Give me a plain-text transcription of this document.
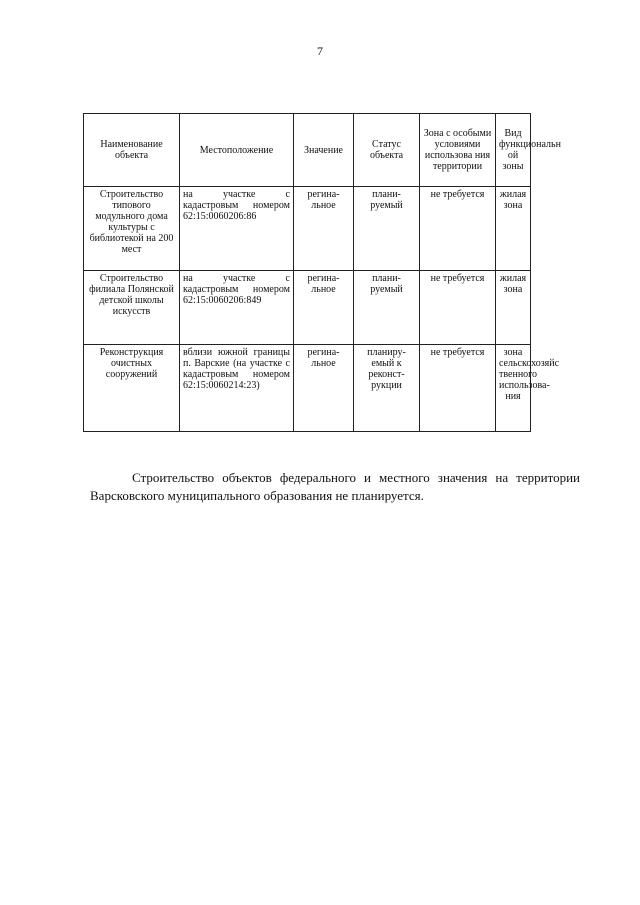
7
Наименование объекта	Местоположение	Значение	Статус объекта	Зона с особыми условиями использова ния территории	Вид функциональн ой зоны
Строительство типового модульного дома культуры с библиотекой на 200 мест	на участке с кадастровым номером 62:15:0060206:86	регина-льное	плани-руемый	не требуется	жилая зона
Строительство филиала Полянской детской школы искусств	на участке с кадастровым номером 62:15:0060206:849	регина-льное	плани-руемый	не требуется	жилая зона
Реконструкция очистных сооружений	вблизи южной границы п. Варские (на участке с кадастровым номером 62:15:0060214:23)	регина-льное	планиру-емый к реконст-рукции	не требуется	зона сельскохозяйс твенного использова-ния

Строительство объектов федерального и местного значения на территории Варсковского муниципального образования не планируется.
